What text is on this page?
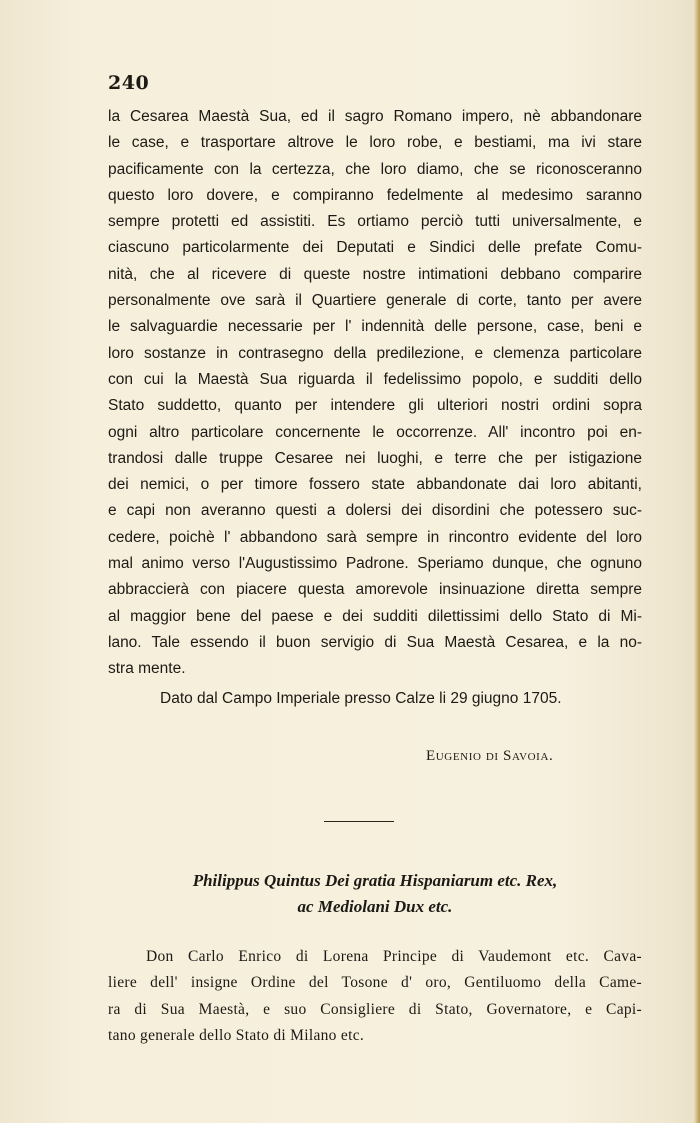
240
la Cesarea Maestà Sua, ed il sagro Romano impero, nè abbandonare
le case, e trasportare altrove le loro robe, e bestiami, ma ivi stare
pacificamente con la certezza, che loro diamo, che se riconosceranno
questo loro dovere, e compiranno fedelmente al medesimo saranno
sempre protetti ed assistiti. Es ortiamo perciò tutti universalmente, e
ciascuno particolarmente dei Deputati e Sindici delle prefate Comu-
nità, che al ricevere di queste nostre intimationi debbano comparire
personalmente ove sarà il Quartiere generale di corte, tanto per avere
le salvaguardie necessarie per l' indennità delle persone, case, beni e
loro sostanze in contrasegno della predilezione, e clemenza particolare
con cui la Maestà Sua riguarda il fedelissimo popolo, e sudditi dello
Stato suddetto, quanto per intendere gli ulteriori nostri ordini sopra
ogni altro particolare concernente le occorrenze. All' incontro poi en-
trandosi dalle truppe Cesaree nei luoghi, e terre che per istigazione
dei nemici, o per timore fossero state abbandonate dai loro abitanti,
e capi non averanno questi a dolersi dei disordini che potessero suc-
cedere, poichè l' abbandono sarà sempre in rincontro evidente del loro
mal animo verso l'Augustissimo Padrone. Speriamo dunque, che ognuno
abbraccierà con piacere questa amorevole insinuazione diretta sempre
al maggior bene del paese e dei sudditi dilettissimi dello Stato di Mi-
lano. Tale essendo il buon servigio di Sua Maestà Cesarea, e la no-
stra mente.
Dato dal Campo Imperiale presso Calze li 29 giugno 1705.
Eugenio di Savoia.
Philippus Quintus Dei gratia Hispaniarum etc. Rex,
ac Mediolani Dux etc.
Don Carlo Enrico di Lorena Principe di Vaudemont etc. Cava-
liere dell' insigne Ordine del Tosone d' oro, Gentiluomo della Came-
ra di Sua Maestà, e suo Consigliere di Stato, Governatore, e Capi-
tano generale dello Stato di Milano etc.
